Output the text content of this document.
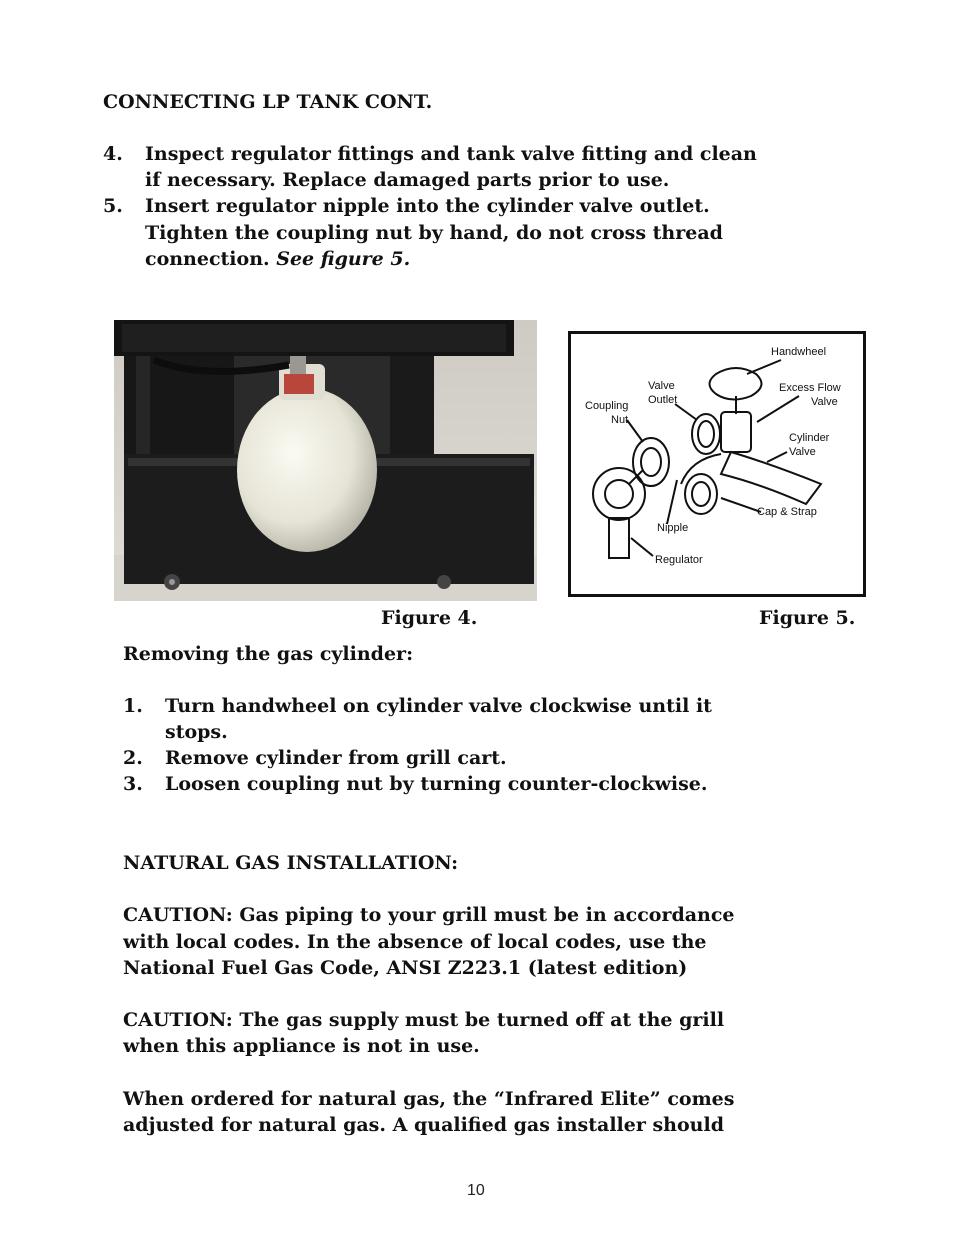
CONNECTING LP TANK CONT.
4. Inspect regulator fittings and tank valve fitting and clean
if necessary. Replace damaged parts prior to use.
5. Insert regulator nipple into the cylinder valve outlet.
Tighten the coupling nut by hand, do not cross thread
connection. See figure 5.
Handwheel
Excess Flow
Valve
Valve
Outlet
Coupling
Nut
Cylinder
Valve
Cap & Strap
Nipple
Regulator
Figure 4.	Figure 5.
Removing the gas cylinder:
1. Turn handwheel on cylinder valve clockwise until it
stops.
2. Remove cylinder from grill cart.
3. Loosen coupling nut by turning counter-clockwise.
NATURAL GAS INSTALLATION:
CAUTION: Gas piping to your grill must be in accordance
with local codes. In the absence of local codes, use the
National Fuel Gas Code, ANSI Z223.1 (latest edition)
CAUTION: The gas supply must be turned off at the grill
when this appliance is not in use.
When ordered for natural gas, the “Infrared Elite” comes
adjusted for natural gas. A qualified gas installer should
10
